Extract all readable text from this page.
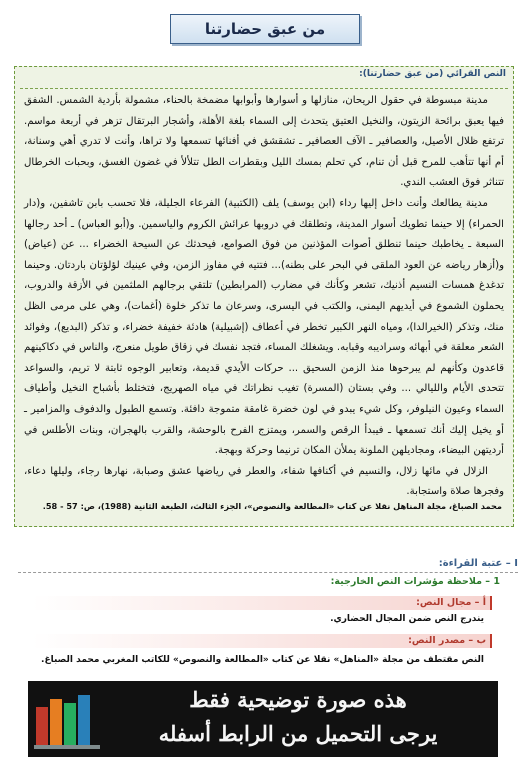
من عبق حضارتنا
النص القرائي (من عبق حضارتنا):

مدينة مبسوطة في حقول الريحان، منازلها و أسوارها وأبوابها مضمخة بالحناء، مشمولة بأردية الشمس. الشفق فيها يعبق برائحة الزيتون، والنخيل العتيق يتحدث إلى السماء بلغة الأهلة، وأشجار البرتقال تزهر في أربعة مواسم. ترتفع ظلال الأصيل، والعصافير ـ الآف العصافير ـ تشقشق في أفنائها تسمعها ولا تراها، وأنت لا تدري أهي وسنانة، أم أنها تتأهب للمرح قبل أن تنام، كي تحلم بمسك الليل وبقطرات الطل تتلألأ في غضون الغسق، وبحبات الخرطال تتناثر فوق العشب الندي.

مدينة يطالعك وأنت داخل إليها رداء (ابن يوسف) يلف (الكتبية) الفرعاء الجليلة، فلا تحسب بابن تاشفين، و(دار الحمراء) إلا حينما تطويك أسوار المدينة، وتطلقك في دروبها عرائش الكروم والياسمين. و(أبو العباس) ـ أحد رجالها السبعة ـ يخاطبك حينما تنطلق أصوات المؤذنين من فوق الصوامع، فيحدثك عن السيحة الخضراء ... عن (عياض) و(أزهار رياضه عن العود الملقى في البحر على بطنه)... فتتيه في مفاوز الزمن، وفي عينيك لؤلؤتان باردتان. وحينما تدغدغ همسات النسيم أذنيك، تشعر وكأنك في مضارب (المرابطين) تلتقي برجالهم الملثمين في الأزقة والدروب، يحملون الشموع في أيديهم اليمنى، والكتب في اليسرى، وسرعان ما تذكر خلوة (أغمات)، وهي على مرمى الظل منك، وتذكر (الخيرالدا)، ومياه النهر الكبير تخطر في أعطاف (إشبيلية) هادئة خفيفة خضراء، و تذكر (البديع)، وفوائد الشعر معلقة في أبهائه وسراديبه وقبابه. ويشغلك المساء، فتجد نفسك في زقاق طويل منعرج، والناس في دكاكينهم قاعدون وكأنهم لم يبرحوها منذ الزمن السحيق ... حركات الأيدي قديمة، وتعابير الوجوه ثابتة لا تريم، والسواعد تتحدى الأيام والليالي ... وفي بستان (المسرة) تغيب نظراتك في مياه الصهريج، فتختلط بأشباح النخيل وأطياف السماء وعيون النيلوفر، وكل شيء يبدو في لون خضرة غامقة متموجة دافئة. وتسمع الطبول والدفوف والمزامير ـ أو يخيل إليك أنك تسمعها ـ فيبدأ الرقص والسمر، ويمتزج الفرح بالوحشة، والقرب بالهجران، وبنات الأطلس في أرديتهن البيضاء، ومجاديلهن الملونة يملأن المكان ترنيما وحركة وبهجة.

الزلال في مائها زلال، والنسيم في أكنافها شفاء، والعطر في رياضها عشق وصبابة، نهارها رجاء، وليلها دعاء، وفجرها صلاة واستجابة.

محمد الصباغ، مجلة المناهل نقلا عن كتاب «المطالعة والنصوص»، الجزء الثالث، الطبعة الثانية (1988)، ص: 57 - 58.
I – عتبة القراءة:
1 – ملاحظة مؤشرات النص الخارجية:
أ – مجال النص:
يندرج النص ضمن المجال الحضاري.
ب – مصدر النص:
النص مقتطف من مجلة «المناهل» نقلا عن كتاب «المطالعة والنصوص» للكاتب المغربي محمد الصباغ.
هذه صورة توضيحية فقط
يرجى التحميل من الرابط أسفله
